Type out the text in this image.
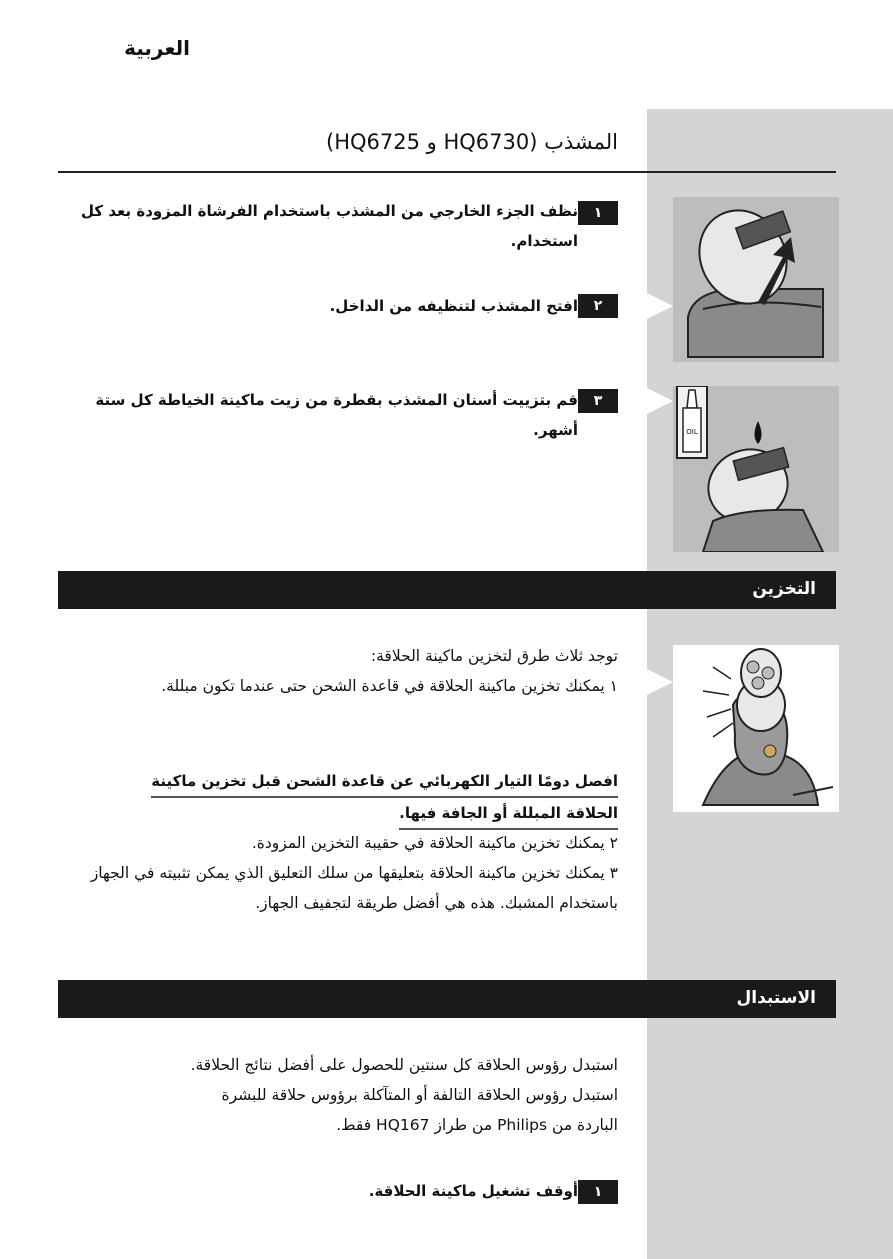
العربية
المشذب (HQ6730 و HQ6725)
١
نظف الجزء الخارجي من المشذب باستخدام الفرشاة المزودة بعد كل استخدام.
٢
افتح المشذب لتنظيفه من الداخل.
٣
قم بتزييت أسنان المشذب بقطرة من زيت ماكينة الخياطة كل ستة أشهر.	OIL
التخزين
توجد ثلاث طرق لتخزين ماكينة الحلاقة:
١ يمكنك تخزين ماكينة الحلاقة في قاعدة الشحن حتى عندما تكون مبللة.
افصل دومًا التيار الكهربائي عن قاعدة الشحن قبل تخزين ماكينة
الحلاقة المبللة أو الجافة فيها.
٢ يمكنك تخزين ماكينة الحلاقة في حقيبة التخزين المزودة.
٣ يمكنك تخزين ماكينة الحلاقة بتعليقها من سلك التعليق الذي يمكن تثبيته في الجهاز باستخدام المشبك. هذه هي أفضل طريقة لتجفيف الجهاز.
الاستبدال
استبدل رؤوس الحلاقة كل سنتين للحصول على أفضل نتائج الحلاقة.
استبدل رؤوس الحلاقة التالفة أو المتآكلة برؤوس حلاقة للبشرة الباردة من Philips من طراز HQ167 فقط.
١
أوقف تشغيل ماكينة الحلاقة.
